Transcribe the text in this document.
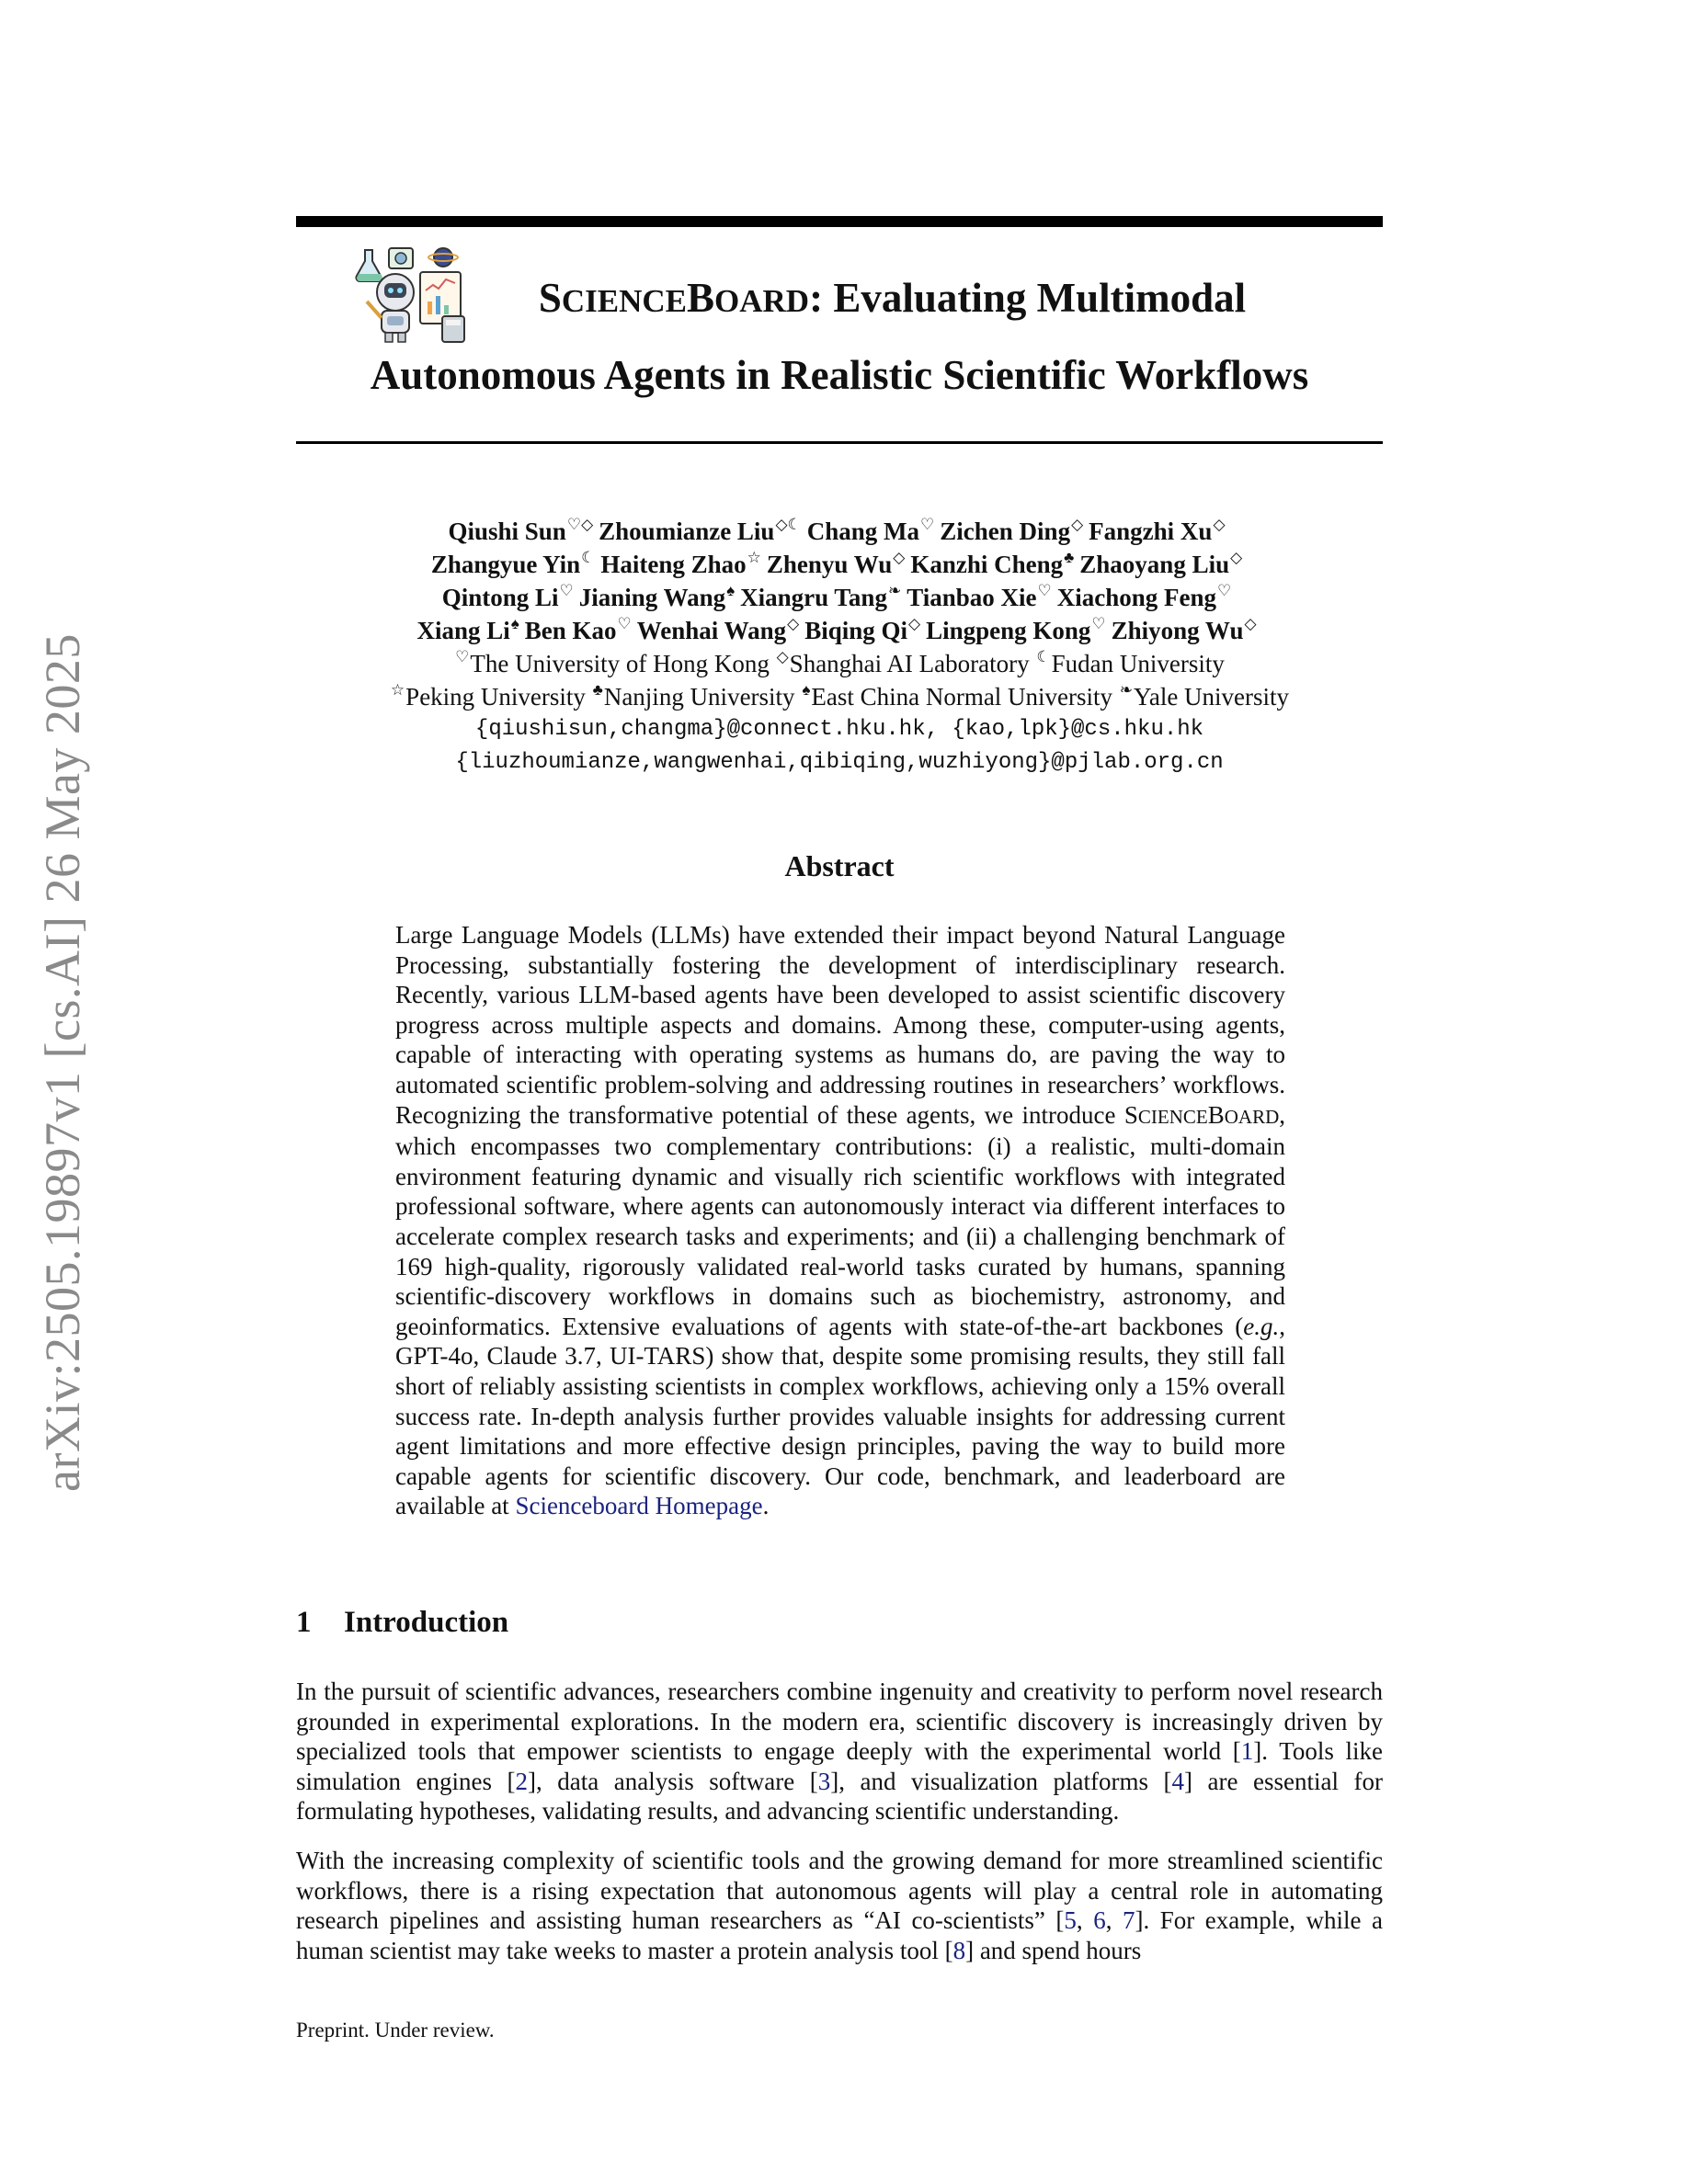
arXiv:2505.19897v1 [cs.AI] 26 May 2025
SCIENCEBOARD: Evaluating Multimodal
Autonomous Agents in Realistic Scientific Workflows
Qiushi Sun♡◇ Zhoumianze Liu◇☾ Chang Ma♡ Zichen Ding◇ Fangzhi Xu◇
Zhangyue Yin☾ Haiteng Zhao☆ Zhenyu Wu◇ Kanzhi Cheng♣ Zhaoyang Liu◇
Qintong Li♡ Jianing Wang♠ Xiangru Tang❧ Tianbao Xie♡ Xiachong Feng♡
Xiang Li♠ Ben Kao♡ Wenhai Wang◇ Biqing Qi◇ Lingpeng Kong♡ Zhiyong Wu◇
♡The University of Hong Kong ◇Shanghai AI Laboratory ☾Fudan University
☆Peking University ♣Nanjing University ♠East China Normal University ❧Yale University
{qiushisun,changma}@connect.hku.hk, {kao,lpk}@cs.hku.hk
{liuzhoumianze,wangwenhai,qibiqing,wuzhiyong}@pjlab.org.cn
Abstract
Large Language Models (LLMs) have extended their impact beyond Natural Language Processing, substantially fostering the development of interdisciplinary research. Recently, various LLM-based agents have been developed to assist scientific discovery progress across multiple aspects and domains. Among these, computer-using agents, capable of interacting with operating systems as humans do, are paving the way to automated scientific problem-solving and addressing routines in researchers’ workflows. Recognizing the transformative potential of these agents, we introduce SCIENCEBOARD, which encompasses two complementary contributions: (i) a realistic, multi-domain environment featuring dynamic and visually rich scientific workflows with integrated professional software, where agents can autonomously interact via different interfaces to accelerate complex research tasks and experiments; and (ii) a challenging benchmark of 169 high-quality, rigorously validated real-world tasks curated by humans, spanning scientific-discovery workflows in domains such as biochemistry, astronomy, and geoinformatics. Extensive evaluations of agents with state-of-the-art backbones (e.g., GPT-4o, Claude 3.7, UI-TARS) show that, despite some promising results, they still fall short of reliably assisting scientists in complex workflows, achieving only a 15% overall success rate. In-depth analysis further provides valuable insights for addressing current agent limitations and more effective design principles, paving the way to build more capable agents for scientific discovery. Our code, benchmark, and leaderboard are available at Scienceboard Homepage.
1 Introduction
In the pursuit of scientific advances, researchers combine ingenuity and creativity to perform novel research grounded in experimental explorations. In the modern era, scientific discovery is increasingly driven by specialized tools that empower scientists to engage deeply with the experimental world [1]. Tools like simulation engines [2], data analysis software [3], and visualization platforms [4] are essential for formulating hypotheses, validating results, and advancing scientific understanding.
With the increasing complexity of scientific tools and the growing demand for more streamlined scientific workflows, there is a rising expectation that autonomous agents will play a central role in automating research pipelines and assisting human researchers as “AI co-scientists” [5, 6, 7]. For example, while a human scientist may take weeks to master a protein analysis tool [8] and spend hours
Preprint. Under review.
